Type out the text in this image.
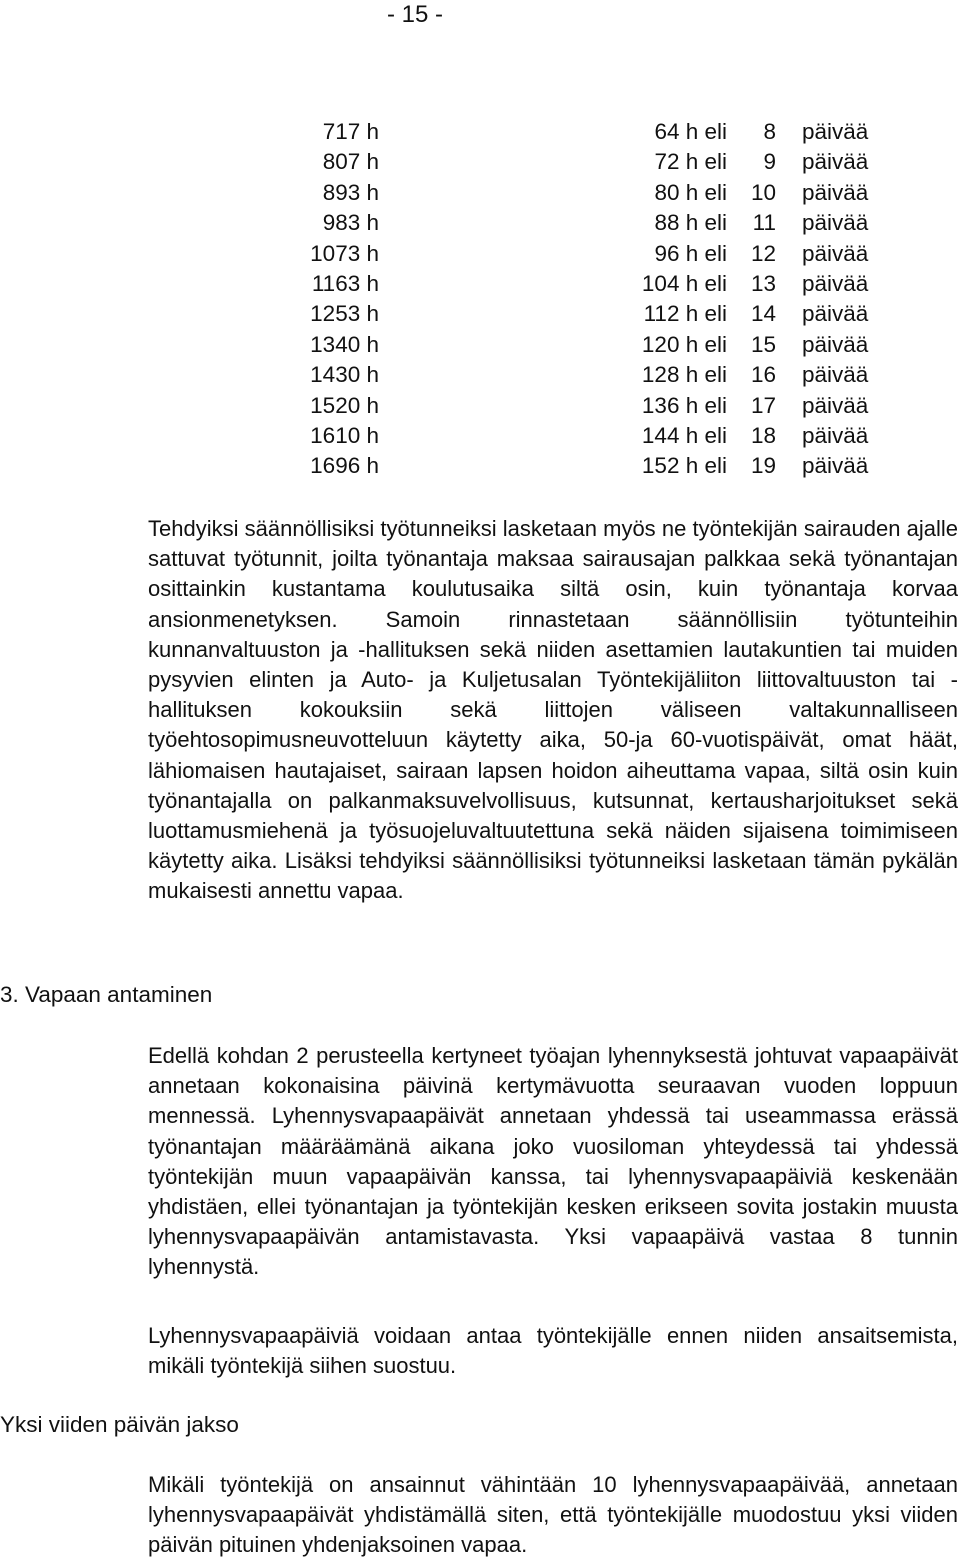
- 15 -
717 h	64 h eli 8 päivää
807 h	72 h eli 9 päivää
893 h	80 h eli 10 päivää
983 h	88 h eli 11 päivää
1073 h	96 h eli 12 päivää
1163 h	104 h eli 13 päivää
1253 h	112 h eli 14 päivää
1340 h	120 h eli 15 päivää
1430 h	128 h eli 16 päivää
1520 h	136 h eli 17 päivää
1610 h	144 h eli 18 päivää
1696 h	152 h eli 19 päivää

Tehdyiksi säännöllisiksi työtunneiksi lasketaan myös ne työntekijän sairauden ajalle sattuvat työtunnit, joilta työnantaja maksaa sairausajan palkkaa sekä työnantajan osittainkin kustantama koulutusaika siltä osin, kuin työnantaja korvaa ansionmenetyksen. Samoin rinnastetaan säännöllisiin työtunteihin kunnanvaltuuston ja -hallituksen sekä niiden asettamien lautakuntien tai muiden pysyvien elinten ja Auto- ja Kuljetusalan Työntekijäliiton liittovaltuuston tai -hallituksen kokouksiin sekä liittojen väliseen valtakunnalliseen työehtosopimusneuvotteluun käytetty aika, 50-ja 60-vuotispäivät, omat häät, lähiomaisen hautajaiset, sairaan lapsen hoidon aiheuttama vapaa, siltä osin kuin työnantajalla on palkanmaksuvelvollisuus, kutsunnat, kertausharjoitukset sekä luottamusmiehenä ja työsuojeluvaltuutettuna sekä näiden sijaisena toimimiseen käytetty aika. Lisäksi tehdyiksi säännöllisiksi työtunneiksi lasketaan tämän pykälän mukaisesti annettu vapaa.

3. Vapaan antaminen

Edellä kohdan 2 perusteella kertyneet työajan lyhennyksestä johtuvat vapaapäivät annetaan kokonaisina päivinä kertymävuotta seuraavan vuoden loppuun mennessä. Lyhennysvapaapäivät annetaan yhdessä tai useammassa erässä työnantajan määräämänä aikana joko vuosiloman yhteydessä tai yhdessä työntekijän muun vapaapäivän kanssa, tai lyhennysvapaapäiviä keskenään yhdistäen, ellei työnantajan ja työntekijän kesken erikseen sovita jostakin muusta lyhennysvapaapäivän antamistavasta. Yksi vapaapäivä vastaa 8 tunnin lyhennystä.

Lyhennysvapaapäiviä voidaan antaa työntekijälle ennen niiden ansaitsemista, mikäli työntekijä siihen suostuu.

Yksi viiden päivän jakso

Mikäli työntekijä on ansainnut vähintään 10 lyhennysvapaapäivää, annetaan lyhennysvapaapäivät yhdistämällä siten, että työntekijälle muodostuu yksi viiden päivän pituinen yhdenjaksoinen vapaa.
